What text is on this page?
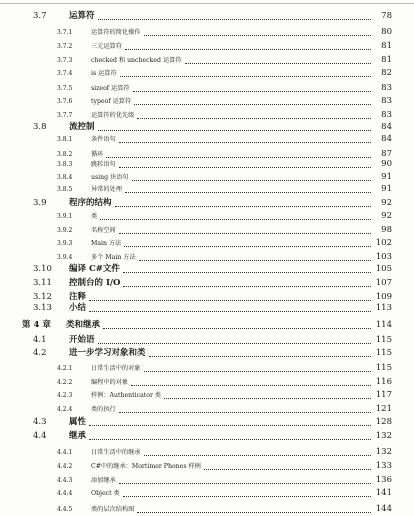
3.7	运算符	78
3.7.1	运算符的简化操作	80
3.7.2	三元运算符	81
3.7.3	checked 和 unchecked 运算符	81
3.7.4	is 运算符	82
3.7.5	sizeof 运算符	83
3.7.6	typeof 运算符	83
3.7.7	运算符的优先级	83
3.8	流控制	84
3.8.1	条件语句	84
3.8.2	循环	87
3.8.3	跳转语句	90
3.8.4	using 块语句	91
3.8.5	异常的处理	91
3.9	程序的结构	92
3.9.1	类	92
3.9.2	名称空间	98
3.9.3	Main 方法	102
3.9.4	多个 Main 方法	103
3.10	编译 C#文件	105
3.11	控制台的 I/O	107
3.12	注释	109
3.13	小结	113
第 4 章	类和继承	114
4.1	开始语	115
4.2	进一步学习对象和类	115
4.2.1	日常生活中的对象	115
4.2.2	编程中的对象	116
4.2.3	样例：Authenticator 类	117
4.2.4	类的执行	121
4.3	属性	128
4.4	继承	132
4.4.1	日常生活中的继承	132
4.4.2	C#中的继承：Mortimer Phones 样例	133
4.4.3	添加继承	136
4.4.4	Object 类	141
4.4.5	类的层次结构图	144
